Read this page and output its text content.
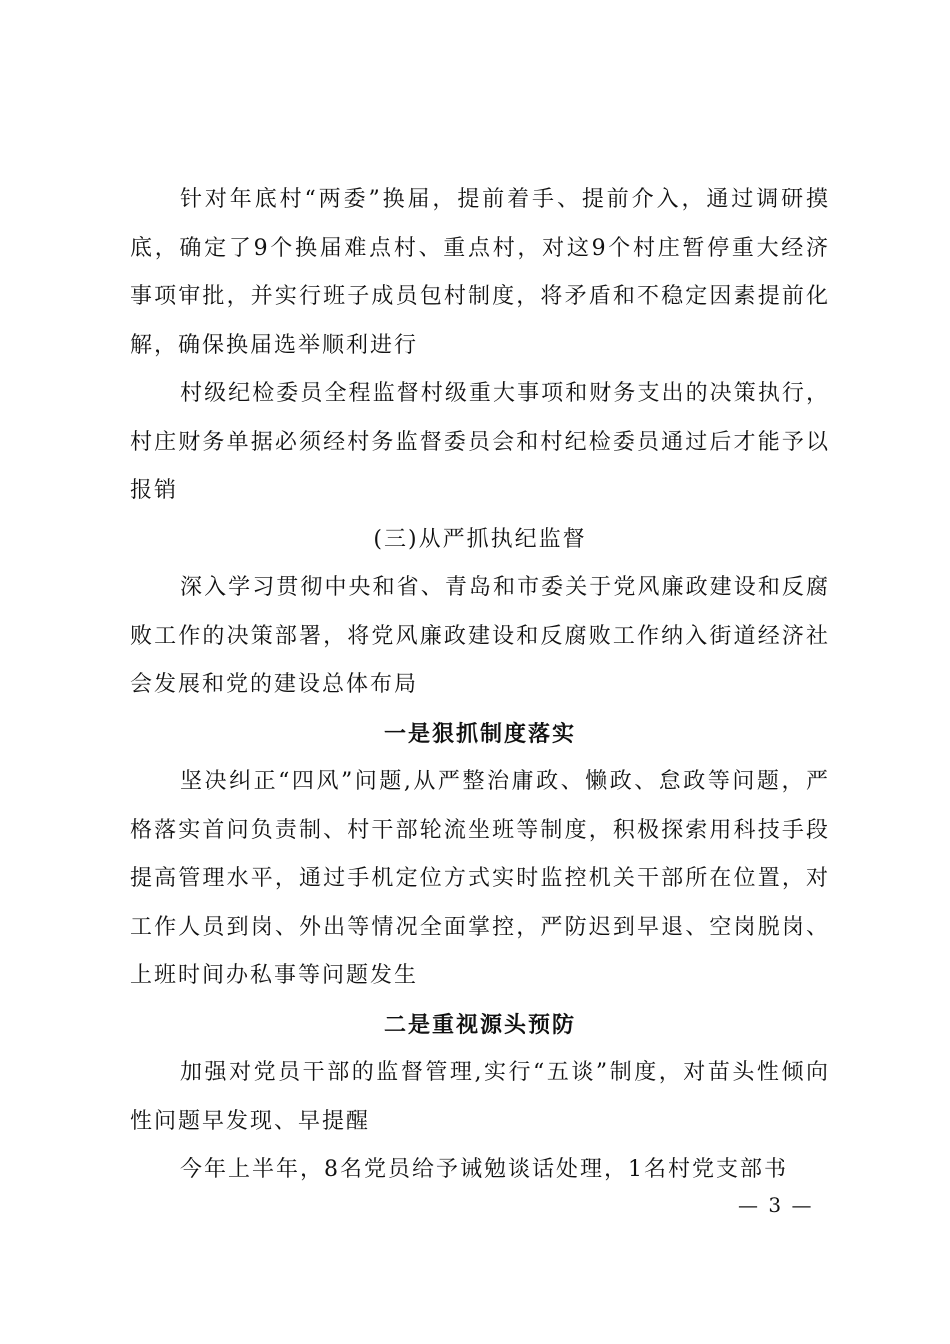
针对年底村“两委”换届，提前着手、提前介入，通过调研摸底，确定了9个换届难点村、重点村，对这9个村庄暂停重大经济事项审批，并实行班子成员包村制度，将矛盾和不稳定因素提前化解，确保换届选举顺利进行

村级纪检委员全程监督村级重大事项和财务支出的决策执行，村庄财务单据必须经村务监督委员会和村纪检委员通过后才能予以报销

(三)从严抓执纪监督

深入学习贯彻中央和省、青岛和市委关于党风廉政建设和反腐败工作的决策部署，将党风廉政建设和反腐败工作纳入街道经济社会发展和党的建设总体布局

一是狠抓制度落实

坚决纠正“四风”问题,从严整治庸政、懒政、怠政等问题，严格落实首问负责制、村干部轮流坐班等制度，积极探索用科技手段提高管理水平，通过手机定位方式实时监控机关干部所在位置，对工作人员到岗、外出等情况全面掌控，严防迟到早退、空岗脱岗、上班时间办私事等问题发生

二是重视源头预防

加强对党员干部的监督管理,实行“五谈”制度，对苗头性倾向性问题早发现、早提醒

今年上半年，8名党员给予诫勉谈话处理，1名村党支部书

— 3 —
